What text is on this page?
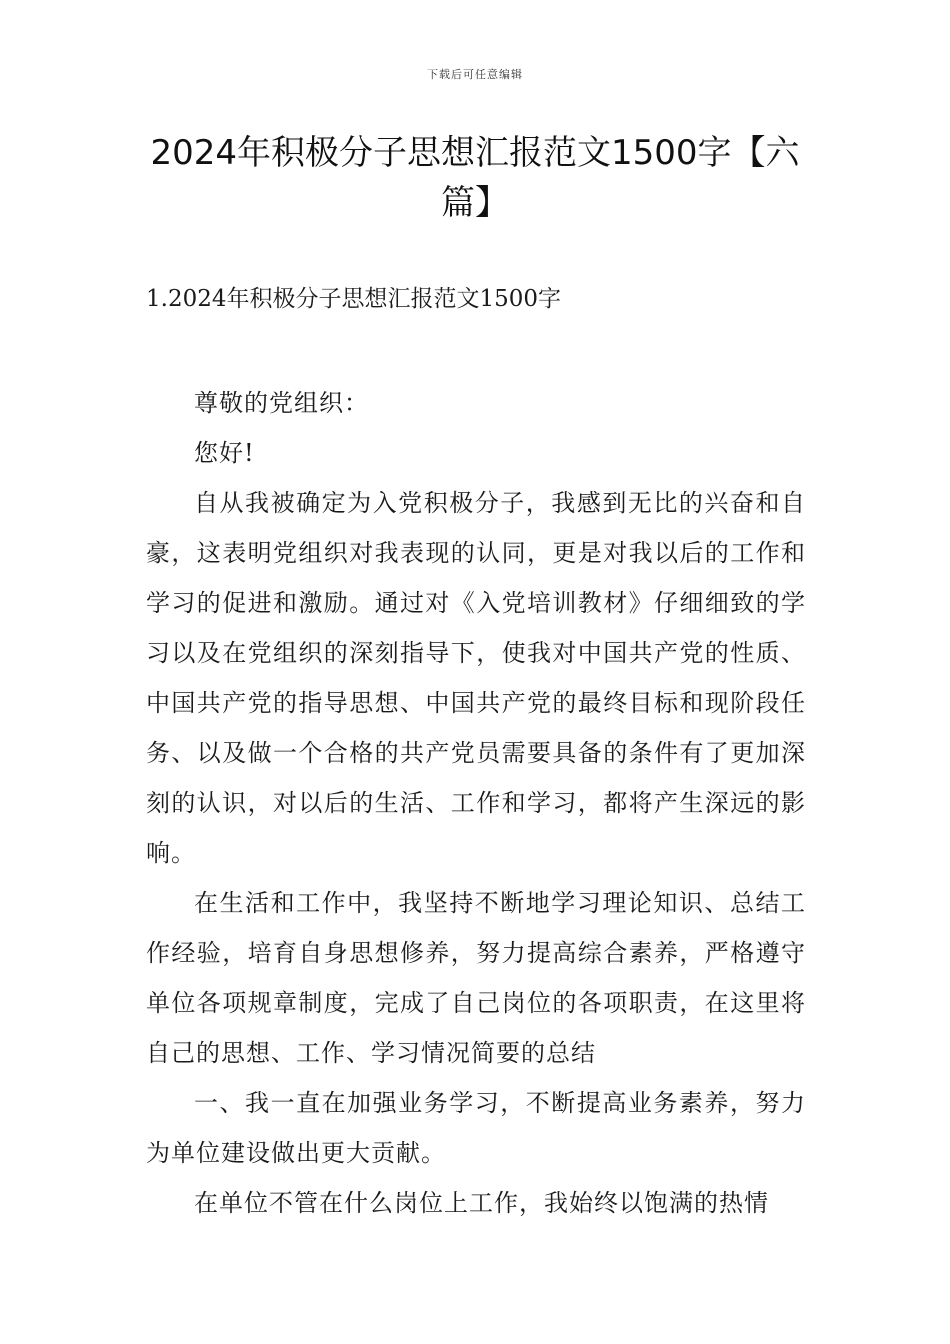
下载后可任意编辑
2024年积极分子思想汇报范文1500字【六篇】
1.2024年积极分子思想汇报范文1500字

尊敬的党组织：

您好!

自从我被确定为入党积极分子，我感到无比的兴奋和自豪，这表明党组织对我表现的认同，更是对我以后的工作和学习的促进和激励。通过对《入党培训教材》仔细细致的学习以及在党组织的深刻指导下，使我对中国共产党的性质、中国共产党的指导思想、中国共产党的最终目标和现阶段任务、以及做一个合格的共产党员需要具备的条件有了更加深刻的认识，对以后的生活、工作和学习，都将产生深远的影响。

在生活和工作中，我坚持不断地学习理论知识、总结工作经验，培育自身思想修养，努力提高综合素养，严格遵守单位各项规章制度，完成了自己岗位的各项职责，在这里将自己的思想、工作、学习情况简要的总结

一、我一直在加强业务学习，不断提高业务素养，努力为单位建设做出更大贡献。

在单位不管在什么岗位上工作，我始终以饱满的热情
